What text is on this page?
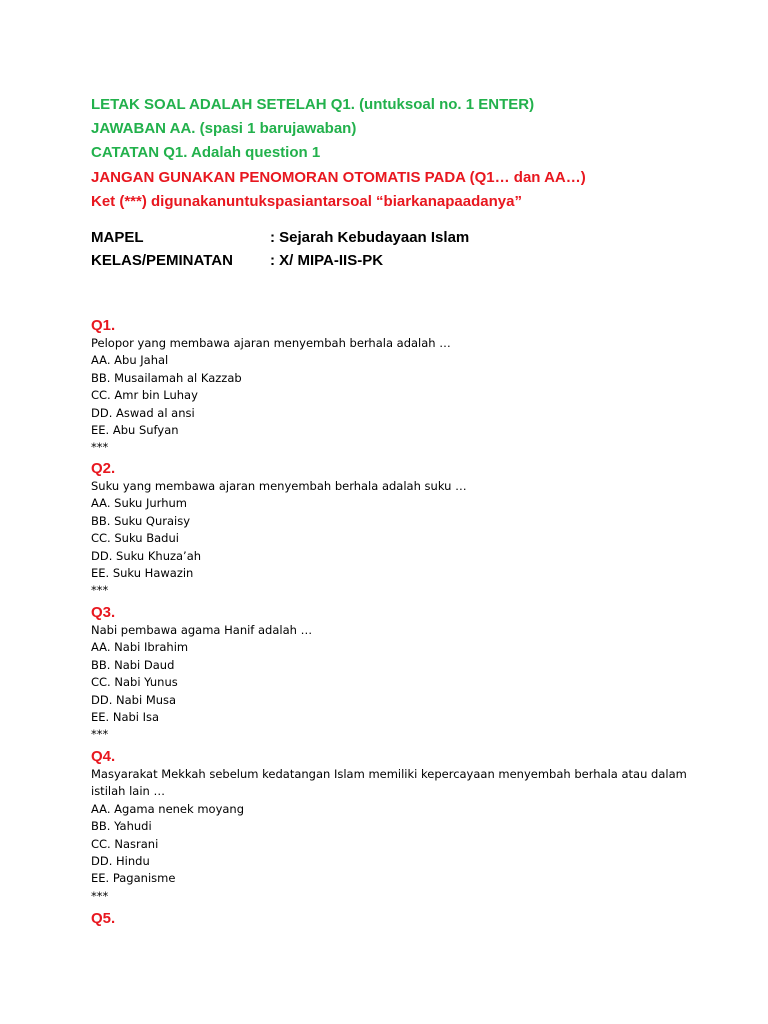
LETAK SOAL ADALAH SETELAH Q1. (untuksoal no. 1 ENTER)
JAWABAN AA. (spasi 1 barujawaban)
CATATAN Q1. Adalah question 1
JANGAN GUNAKAN PENOMORAN OTOMATIS PADA (Q1… dan AA…)
Ket (***) digunakanuntukspasiantarsoal “biarkanapaadanya”
MAPEL	: Sejarah Kebudayaan Islam
KELAS/PEMINATAN	: X/ MIPA-IIS-PK
Q1.
Pelopor yang membawa ajaran menyembah berhala adalah …
AA. Abu Jahal
BB. Musailamah al Kazzab
CC. Amr bin Luhay
DD. Aswad al ansi
EE. Abu Sufyan
***
Q2.
Suku yang membawa ajaran menyembah berhala adalah suku …
AA. Suku Jurhum
BB. Suku Quraisy
CC. Suku Badui
DD. Suku Khuza’ah
EE. Suku Hawazin
***
Q3.
Nabi pembawa agama Hanif adalah …
AA. Nabi Ibrahim
BB. Nabi Daud
CC. Nabi Yunus
DD. Nabi Musa
EE. Nabi Isa
***
Q4.
Masyarakat Mekkah sebelum kedatangan Islam memiliki kepercayaan menyembah berhala atau dalam
istilah lain …
AA. Agama nenek moyang
BB. Yahudi
CC. Nasrani
DD. Hindu
EE. Paganisme
***
Q5.
